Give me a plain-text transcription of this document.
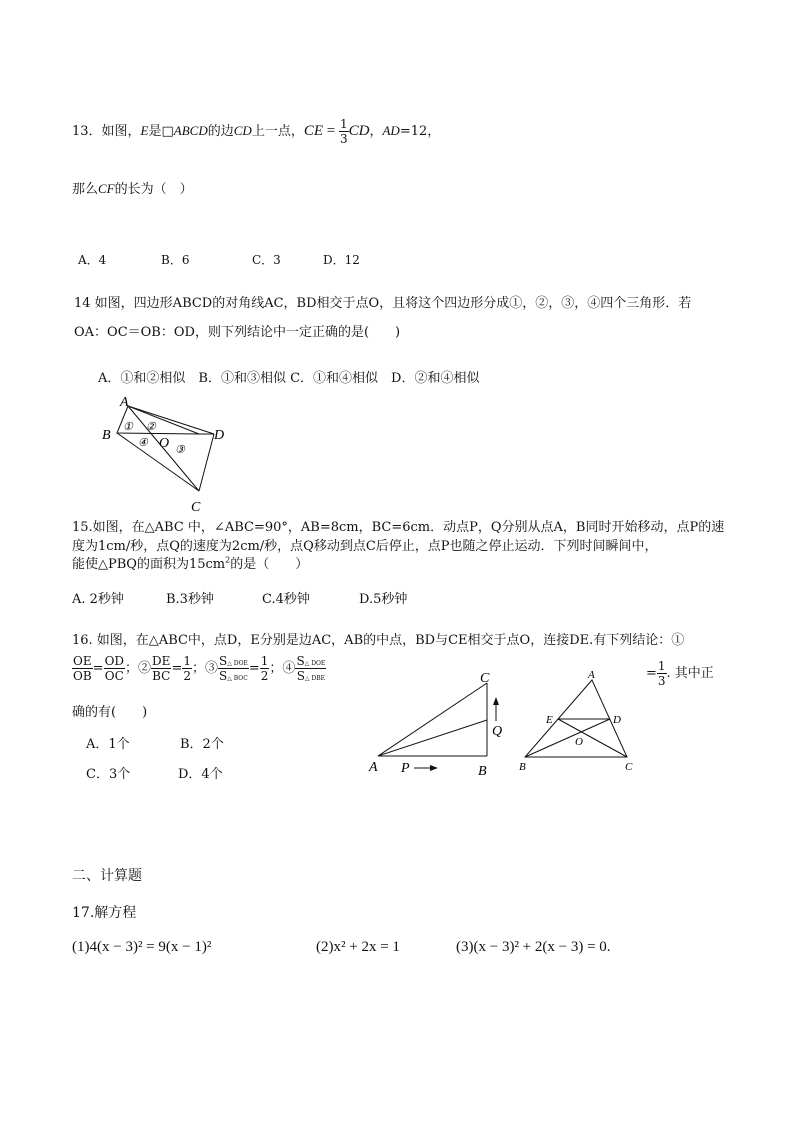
13．如图，E是□ABCD的边CD上一点，CE = $\frac{1}{3}$ CD，AD=12，
那么CF的长为（　）
A．4	B．6	C．3	D．12
14 如图，四边形ABCD的对角线AC，BD相交于点O，且将这个四边形分成①，②，③，④四个三角形．若
OA：OC＝OB：OD，则下列结论中一定正确的是(　　)
A．①和②相似　B．①和③相似 C．①和④相似　D．②和④相似
A
B	D
C
O
① ②
④
③
15.如图，在△ABC 中，∠ABC=90°，AB=8cm，BC=6cm．动点P，Q分别从点A，B同时开始移动，点P的速
度为1cm/秒，点Q的速度为2cm/秒，点Q移动到点C后停止，点P也随之停止运动．下列时间瞬间中，
能使△PBQ的面积为$15cm^2$的是（　　）
A. 2秒钟	B.3秒钟	C.4秒钟	D.5秒钟
16. 如图，在△ABC中，点D，E分别是边AC，AB的中点，BD与CE相交于点O，连接DE.有下列结论：①
$\frac{OE}{OB} = \frac{OD}{OC}$ ；② $\frac{DE}{BC} = \frac{1}{2}$ ；③ $\frac{\text{S△ DOE}}{\text{S△ BOC}} = \frac{1}{2}$ ；④ $\frac{\text{S△ DOE}}{\text{S△ DBE}}$	= $\frac{1}{3}$ . 其中正
确的有(　　)
A．1个	B．2个
C．3个	D．4个
C
Q
A P	B
A
E	D
O
B	C
二、计算题
17.解方程
(1)4(x − 3)² = 9(x − 1)²	(2)x² + 2x = 1	(3)(x − 3)² + 2(x − 3) = 0.
